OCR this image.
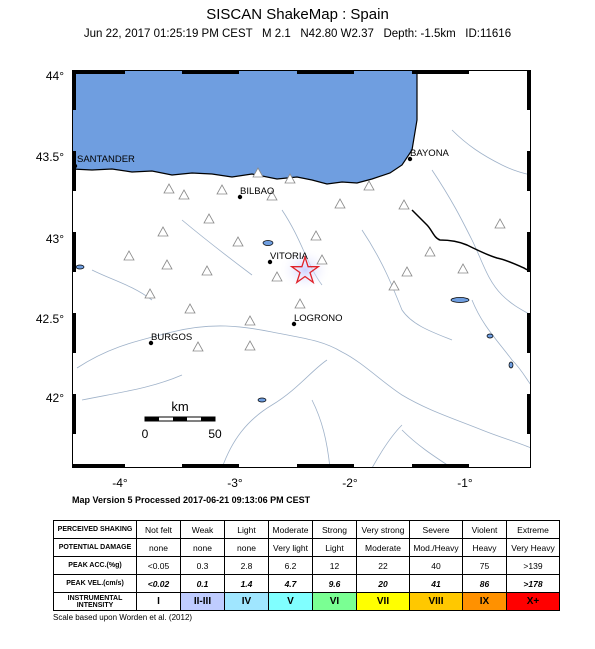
SISCAN ShakeMap : Spain
Jun 22, 2017 01:25:19 PM CEST   M 2.1   N42.80 W2.37   Depth: -1.5km   ID:11616
44°
43.5°
43°
42.5°
42°
-4°	-3°	-2°	-1°
SANTANDER
BAYONA
BILBAO
VITORIA
LOGRONO
BURGOS
km
0	50
Map Version 5 Processed 2017-06-21 09:13:06 PM CEST
PERCEIVED SHAKING	Not felt	Weak	Light	Moderate	Strong	Very strong	Severe	Violent	Extreme
POTENTIAL DAMAGE	none	none	none	Very light	Light	Moderate	Mod./Heavy	Heavy	Very Heavy
PEAK ACC.(%g)	<0.05	0.3	2.8	6.2	12	22	40	75	>139
PEAK VEL.(cm/s)	<0.02	0.1	1.4	4.7	9.6	20	41	86	>178
INSTRUMENTAL INTENSITY	I	II-III	IV	V	VI	VII	VIII	IX	X+
Scale based upon Worden et al. (2012)
